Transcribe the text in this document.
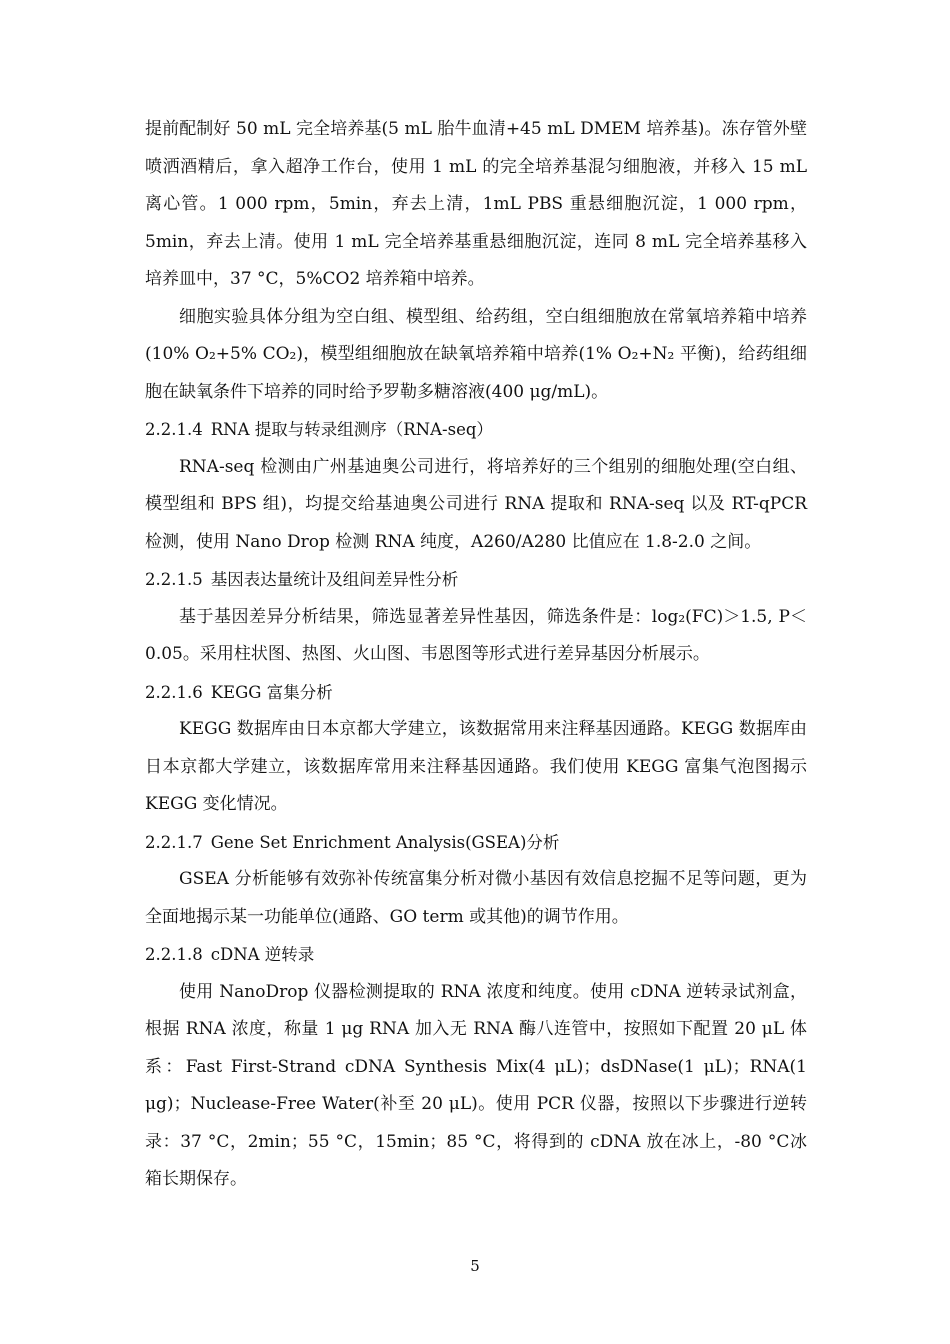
提前配制好 50 mL 完全培养基(5 mL 胎牛血清+45 mL DMEM 培养基)。冻存管外壁喷洒酒精后，拿入超净工作台，使用 1 mL 的完全培养基混匀细胞液，并移入 15 mL 离心管。1 000 rpm，5min，弃去上清，1mL PBS 重悬细胞沉淀，1 000 rpm，5min，弃去上清。使用 1 mL 完全培养基重悬细胞沉淀，连同 8 mL 完全培养基移入培养皿中，37 °C，5%CO2 培养箱中培养。

细胞实验具体分组为空白组、模型组、给药组，空白组细胞放在常氧培养箱中培养(10% O₂+5% CO₂)，模型组细胞放在缺氧培养箱中培养(1% O₂+N₂ 平衡)，给药组细胞在缺氧条件下培养的同时给予罗勒多糖溶液(400 μg/mL)。

2.2.1.4 RNA 提取与转录组测序（RNA-seq）

RNA-seq 检测由广州基迪奥公司进行，将培养好的三个组别的细胞处理(空白组、模型组和 BPS 组)，均提交给基迪奥公司进行 RNA 提取和 RNA-seq 以及 RT-qPCR 检测，使用 Nano Drop 检测 RNA 纯度，A260/A280 比值应在 1.8-2.0 之间。

2.2.1.5 基因表达量统计及组间差异性分析

基于基因差异分析结果，筛选显著差异性基因，筛选条件是：log₂(FC)＞1.5, P＜0.05。采用柱状图、热图、火山图、韦恩图等形式进行差异基因分析展示。

2.2.1.6 KEGG 富集分析

KEGG 数据库由日本京都大学建立，该数据常用来注释基因通路。KEGG 数据库由日本京都大学建立，该数据库常用来注释基因通路。我们使用 KEGG 富集气泡图揭示 KEGG 变化情况。

2.2.1.7 Gene Set Enrichment Analysis(GSEA)分析

GSEA 分析能够有效弥补传统富集分析对微小基因有效信息挖掘不足等问题，更为全面地揭示某一功能单位(通路、GO term 或其他)的调节作用。

2.2.1.8 cDNA 逆转录

使用 NanoDrop 仪器检测提取的 RNA 浓度和纯度。使用 cDNA 逆转录试剂盒，根据 RNA 浓度，称量 1 μg RNA 加入无 RNA 酶八连管中，按照如下配置 20 μL 体系：Fast First-Strand cDNA Synthesis Mix(4 μL)；dsDNase(1 μL)；RNA(1 μg)；Nuclease-Free Water(补至 20 μL)。使用 PCR 仪器，按照以下步骤进行逆转录：37 °C，2min；55 °C，15min；85 °C，将得到的 cDNA 放在冰上，-80 °C冰箱长期保存。

5
